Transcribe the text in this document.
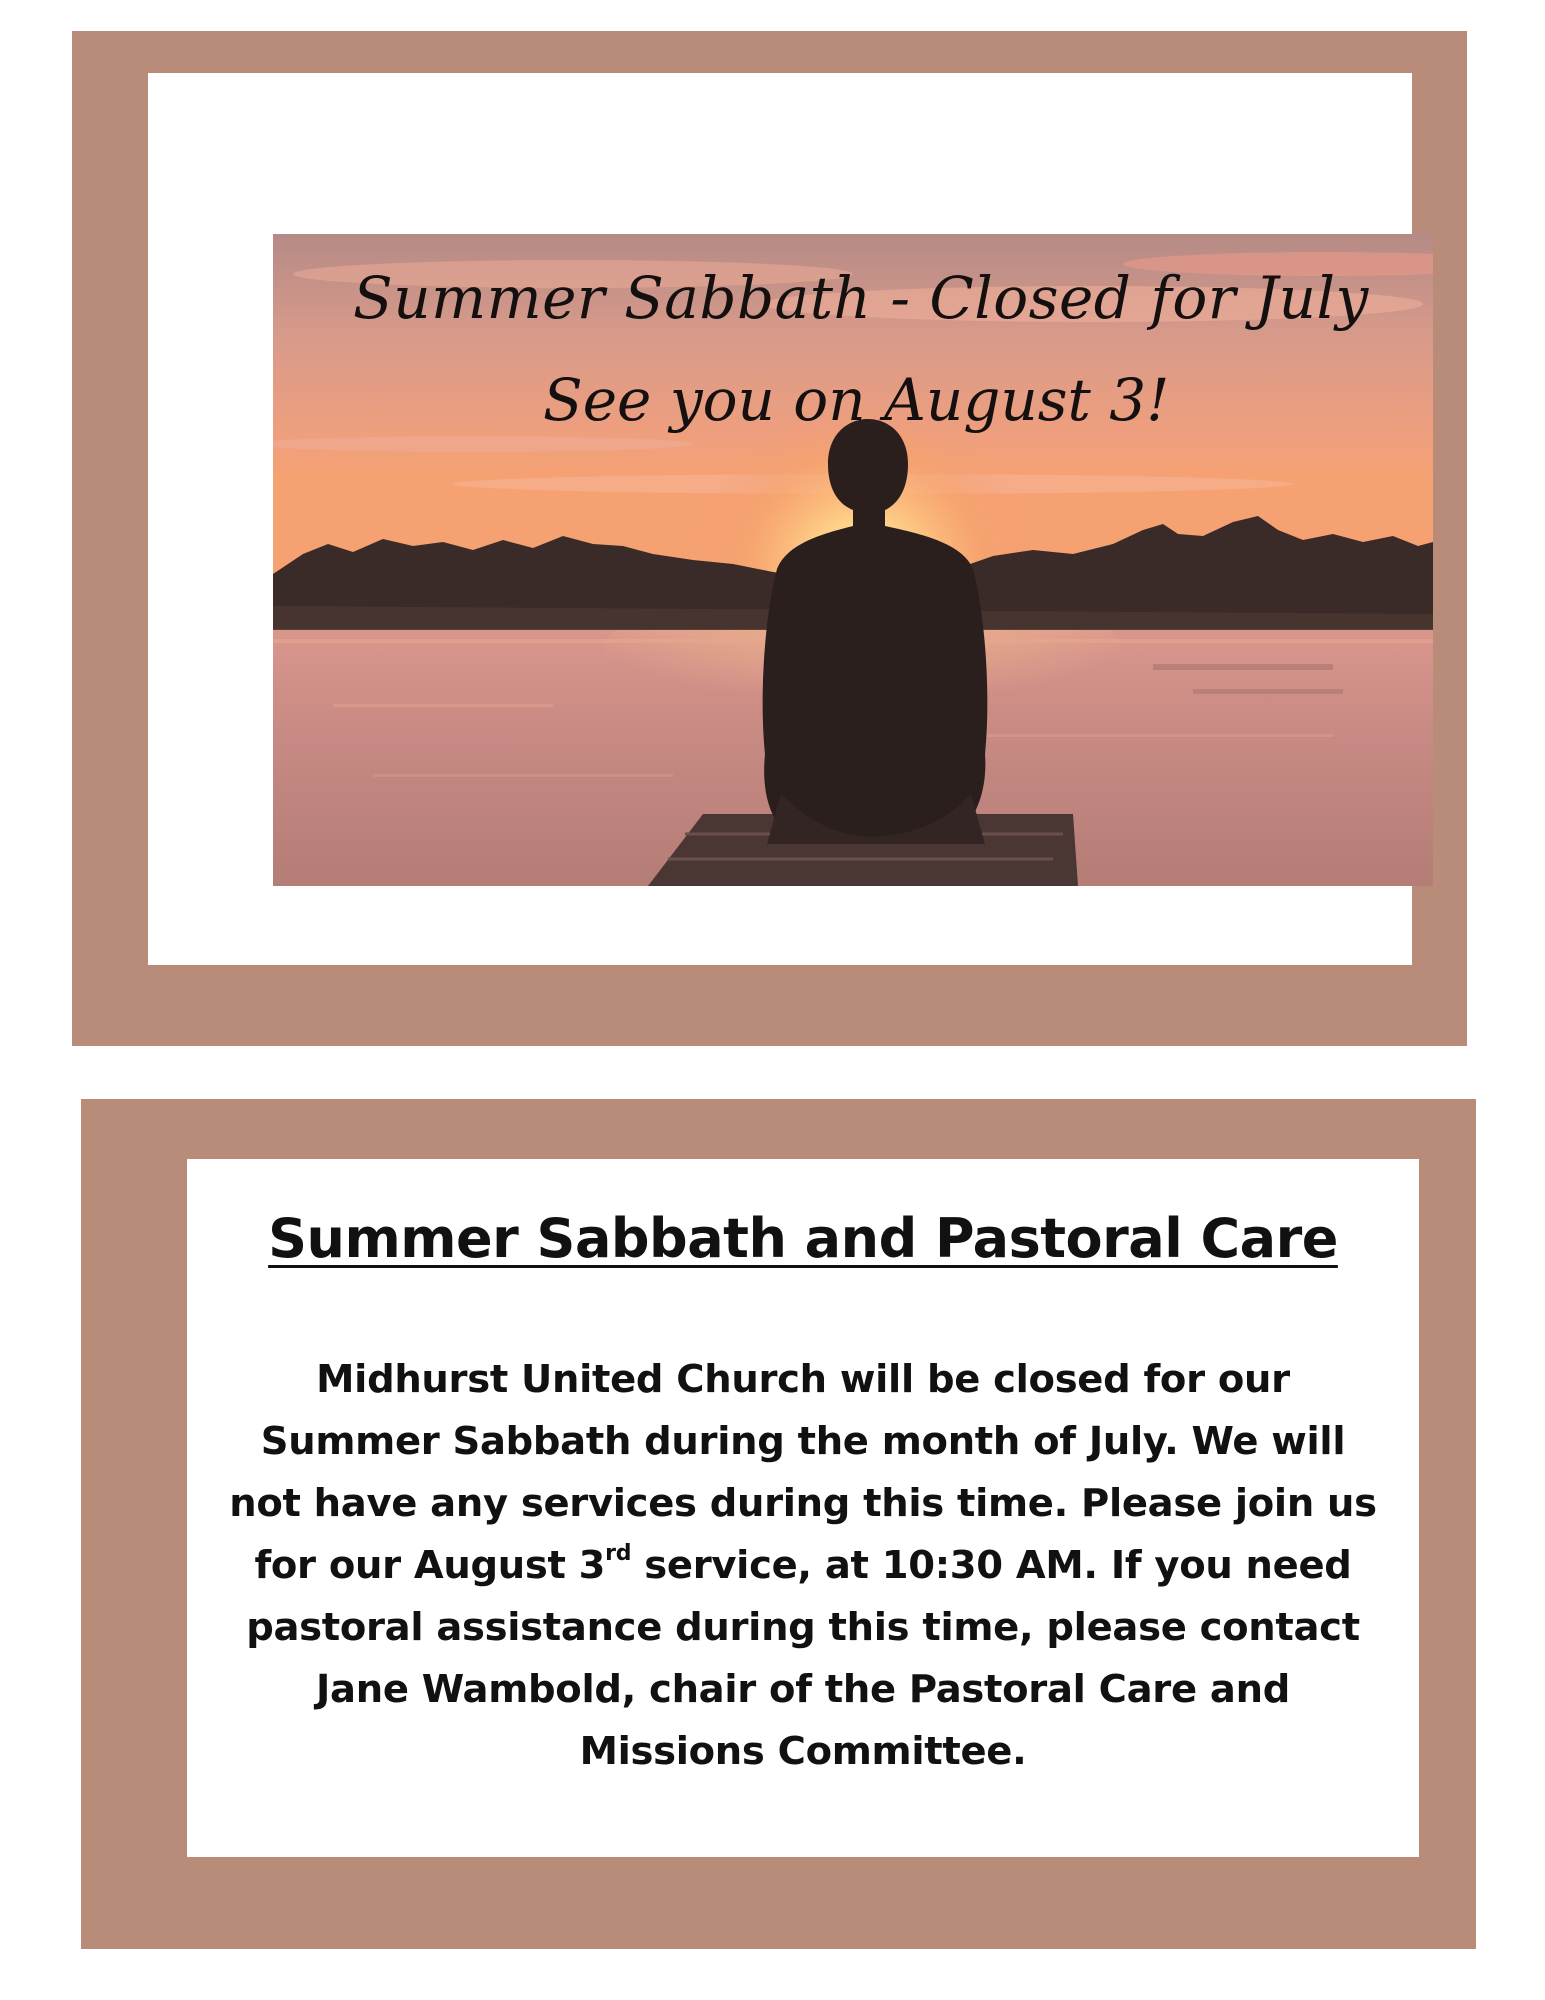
Summer Sabbath - Closed for July
See you on August 3!
Summer Sabbath and Pastoral Care
Midhurst United Church will be closed for our Summer Sabbath during the month of July. We will not have any services during this time. Please join us for our August 3rd service, at 10:30 AM. If you need pastoral assistance during this time, please contact Jane Wambold, chair of the Pastoral Care and Missions Committee.
